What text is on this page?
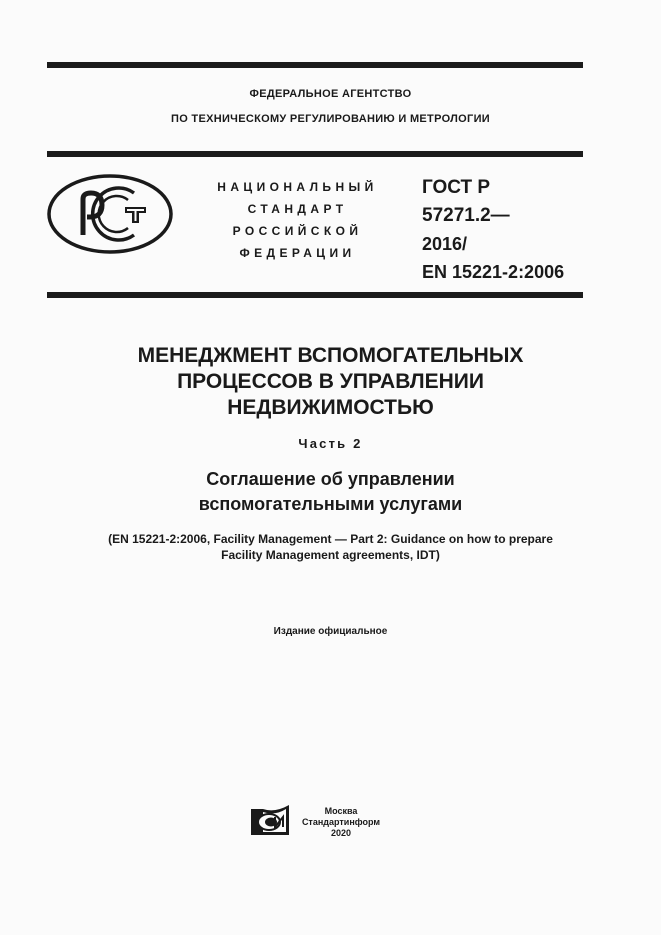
ФЕДЕРАЛЬНОЕ АГЕНТСТВО
ПО ТЕХНИЧЕСКОМУ РЕГУЛИРОВАНИЮ И МЕТРОЛОГИИ
НАЦИОНАЛЬНЫЙ
СТАНДАРТ
РОССИЙСКОЙ
ФЕДЕРАЦИИ
ГОСТ Р
57271.2—
2016/
EN 15221-2:2006
МЕНЕДЖМЕНТ ВСПОМОГАТЕЛЬНЫХ
ПРОЦЕССОВ В УПРАВЛЕНИИ
НЕДВИЖИМОСТЬЮ
Часть 2
Соглашение об управлении
вспомогательными услугами
(EN 15221-2:2006, Facility Management — Part 2: Guidance on how to prepare
Facility Management agreements, IDT)
Издание официальное
Москва
Стандартинформ
2020
